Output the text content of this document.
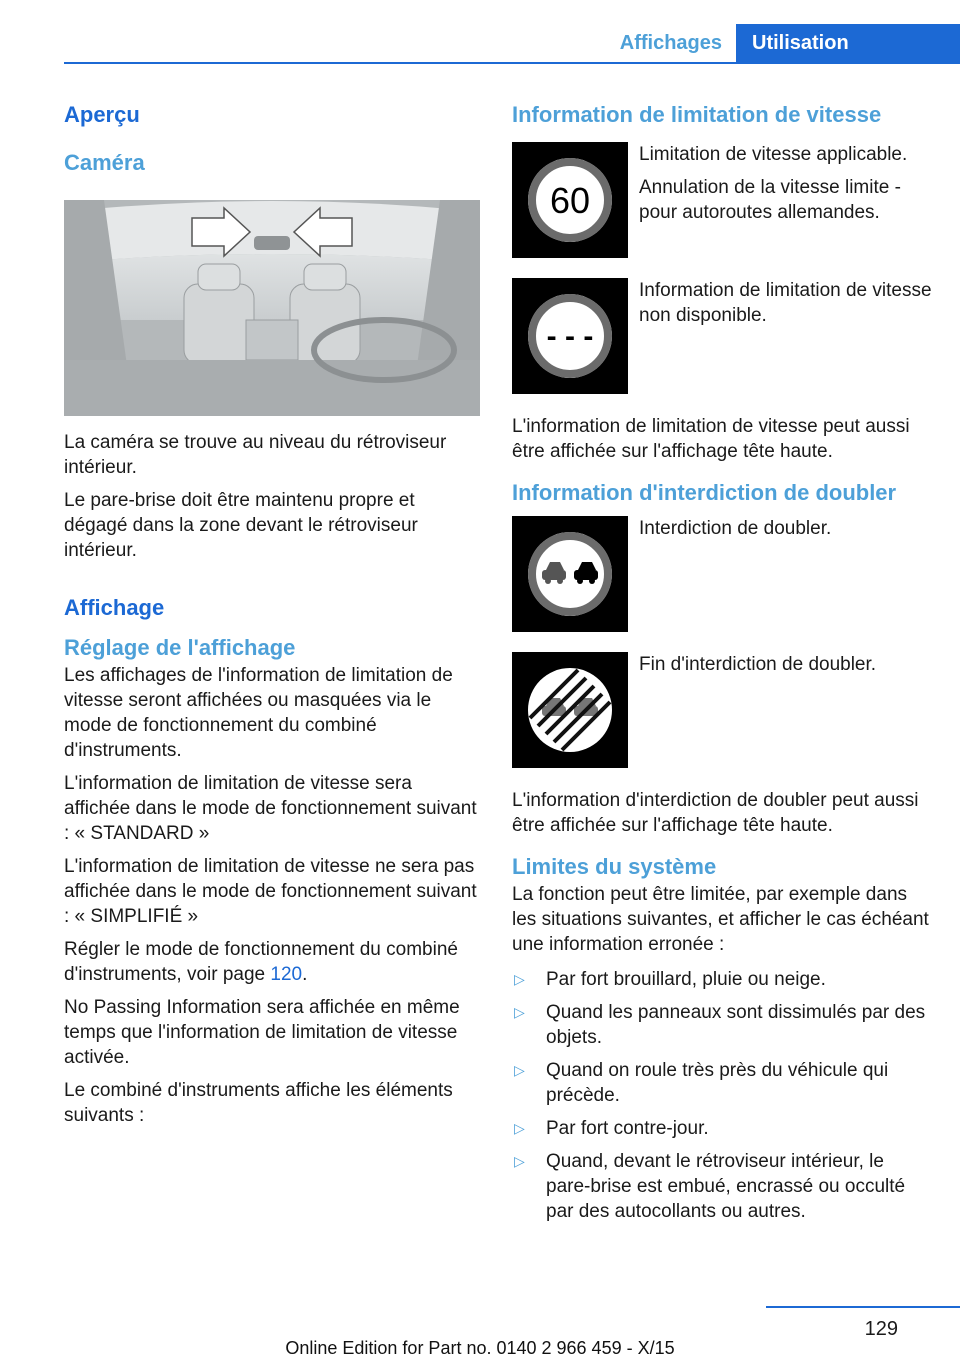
Affichages	Utilisation
Aperçu
Caméra

La caméra se trouve au niveau du rétroviseur intérieur.

Le pare-brise doit être maintenu propre et dégagé dans la zone devant le rétroviseur intérieur.

Affichage
Réglage de l'affichage

Les affichages de l'information de limitation de vitesse seront affichées ou masquées via le mode de fonctionnement du combiné d'instruments.

L'information de limitation de vitesse sera affichée dans le mode de fonctionnement suivant : « STANDARD »

L'information de limitation de vitesse ne sera pas affichée dans le mode de fonctionnement suivant : « SIMPLIFIÉ »

Régler le mode de fonctionnement du combiné d'instruments, voir page 120.

No Passing Information sera affichée en même temps que l'information de limitation de vitesse activée.

Le combiné d'instruments affiche les éléments suivants :

Information de limitation de vitesse
60

Limitation de vitesse applicable.

Annulation de la vitesse limite - pour autoroutes allemandes.

- - -

Information de limitation de vitesse non disponible.

L'information de limitation de vitesse peut aussi être affichée sur l'affichage tête haute.

Information d'interdiction de doubler

Interdiction de doubler.

Fin d'interdiction de doubler.

L'information d'interdiction de doubler peut aussi être affichée sur l'affichage tête haute.

Limites du système

La fonction peut être limitée, par exemple dans les situations suivantes, et afficher le cas échéant une information erronée :

▷	Par fort brouillard, pluie ou neige.
▷	Quand les panneaux sont dissimulés par des objets.
▷	Quand on roule très près du véhicule qui précède.
▷	Par fort contre-jour.
▷	Quand, devant le rétroviseur intérieur, le pare-brise est embué, encrassé ou occulté par des autocollants ou autres.
129
Online Edition for Part no. 0140 2 966 459 - X/15
